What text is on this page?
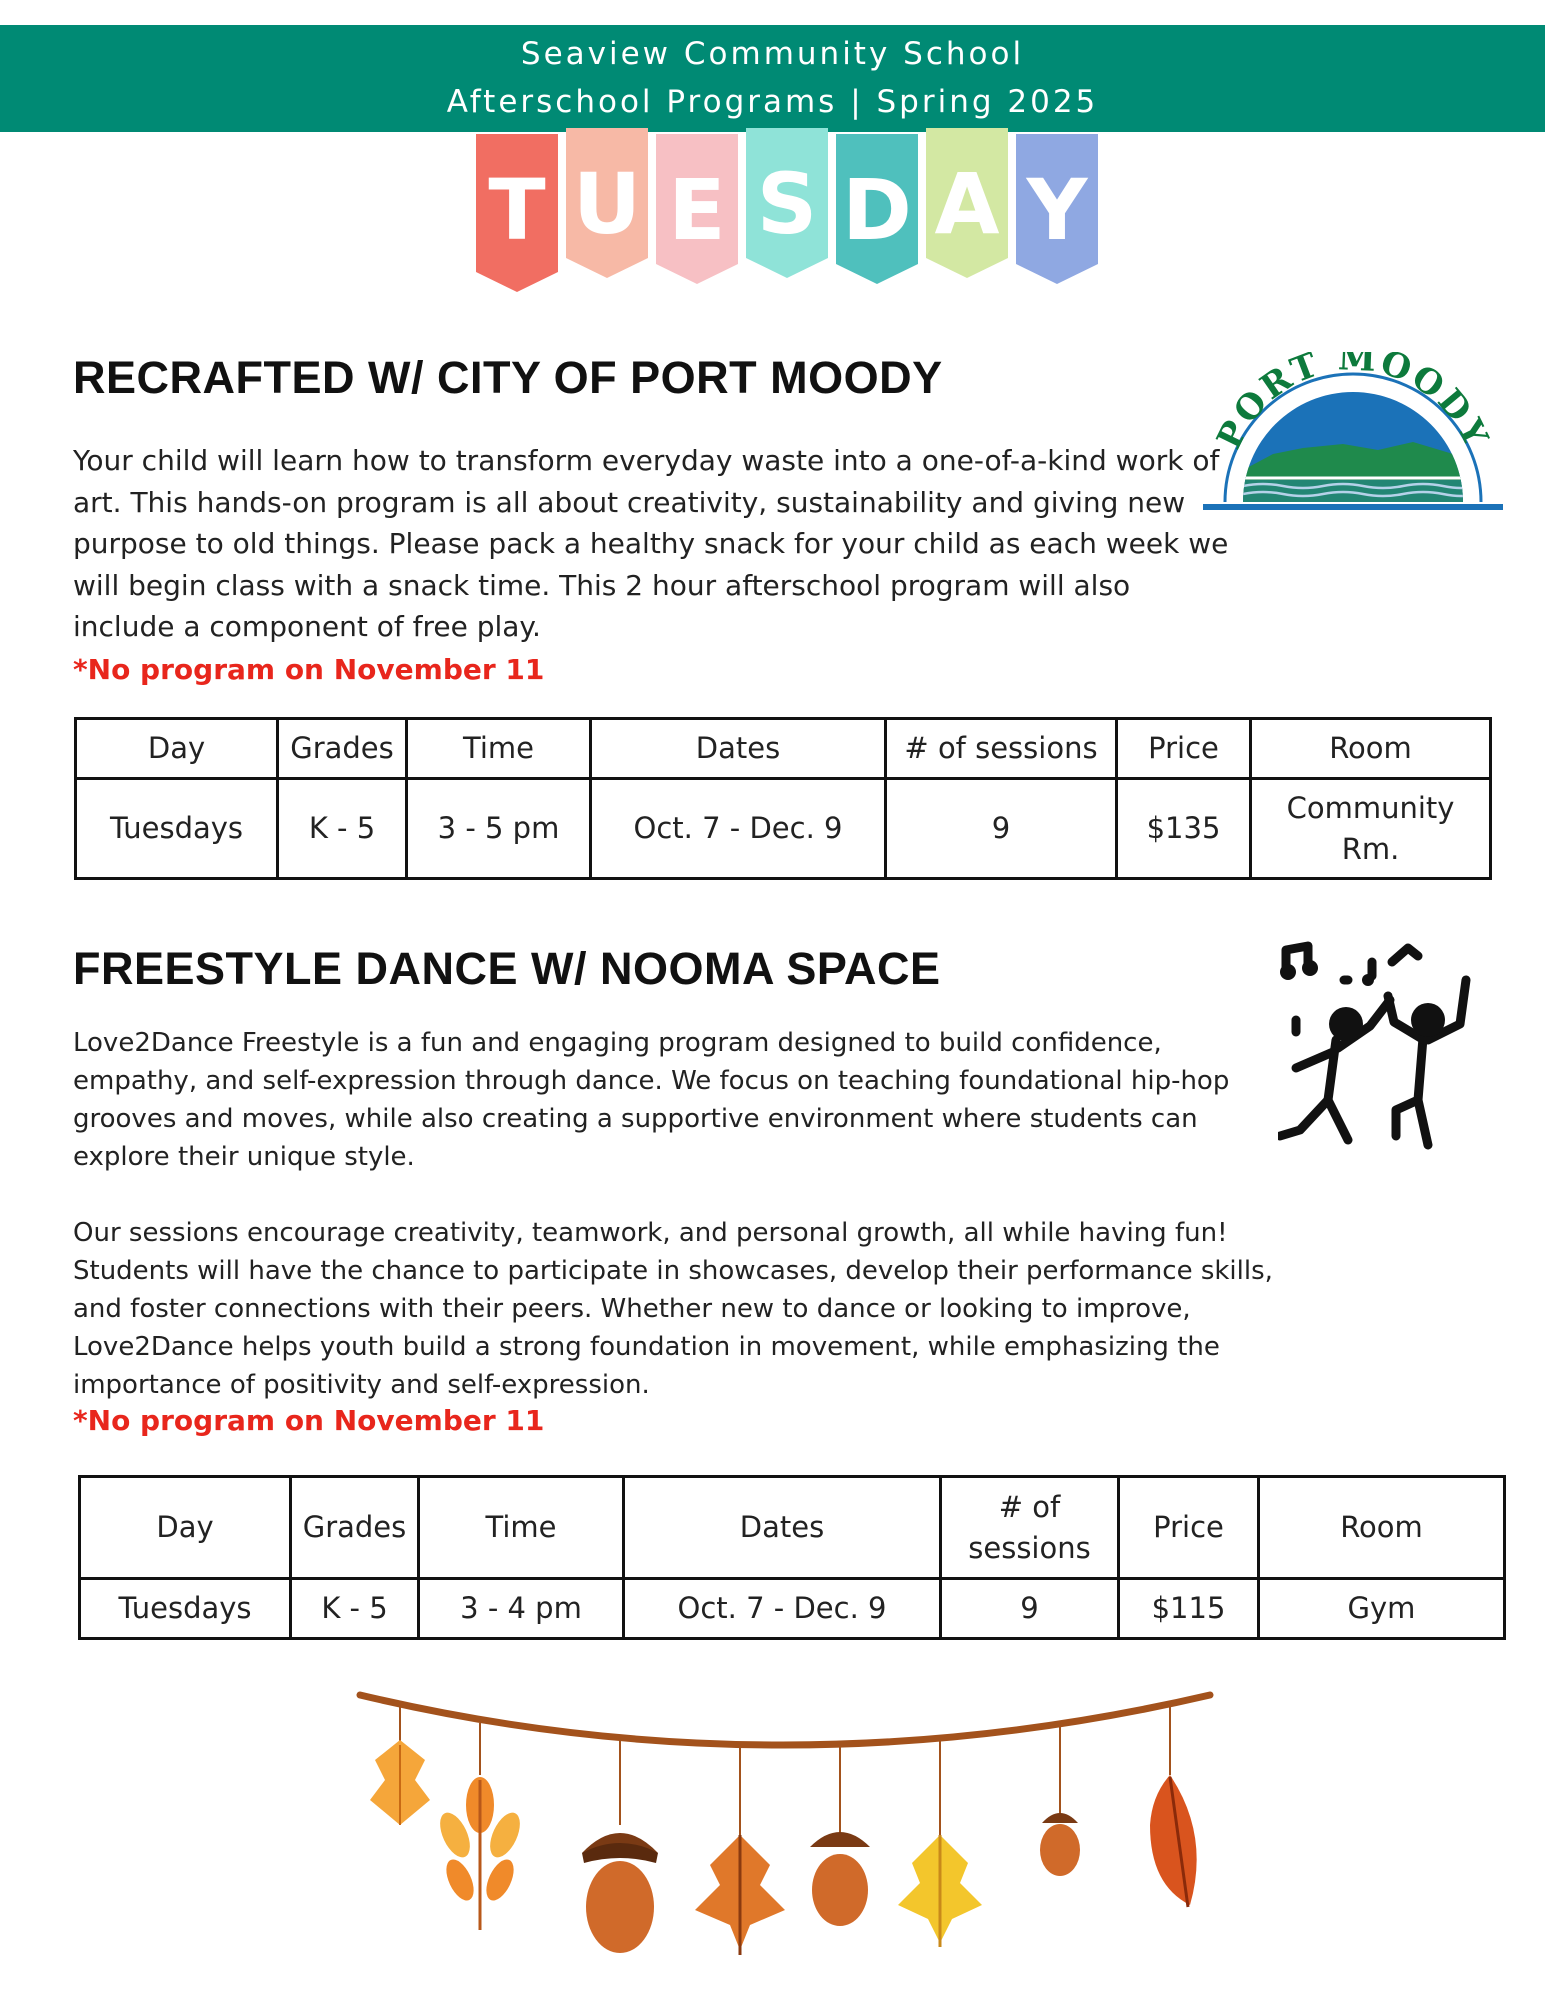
Seaview Community School
Afterschool Programs | Spring 2025
T U E S D A Y
RECRAFTED W/ CITY OF PORT MOODY
PORT MOODY

Your child will learn how to transform everyday waste into a one-of-a-kind work of art. This hands-on program is all about creativity, sustainability and giving new purpose to old things. Please pack a healthy snack for your child as each week we will begin class with a snack time. This 2 hour afterschool program will also include a component of free play.

*No program on November 11
Day	Grades	Time	Dates	# of sessions	Price	Room
Tuesdays	K - 5	3 - 5 pm	Oct. 7 - Dec. 9	9	$135	Community Rm.
FREESTYLE DANCE W/ NOOMA SPACE

Love2Dance Freestyle is a fun and engaging program designed to build confidence, empathy, and self-expression through dance. We focus on teaching foundational hip-hop grooves and moves, while also creating a supportive environment where students can explore their unique style.

Our sessions encourage creativity, teamwork, and personal growth, all while having fun! Students will have the chance to participate in showcases, develop their performance skills, and foster connections with their peers. Whether new to dance or looking to improve, Love2Dance helps youth build a strong foundation in movement, while emphasizing the importance of positivity and self-expression.

*No program on November 11
Day	Grades	Time	Dates	# of sessions	Price	Room
Tuesdays	K - 5	3 - 4 pm	Oct. 7 - Dec. 9	9	$115	Gym
